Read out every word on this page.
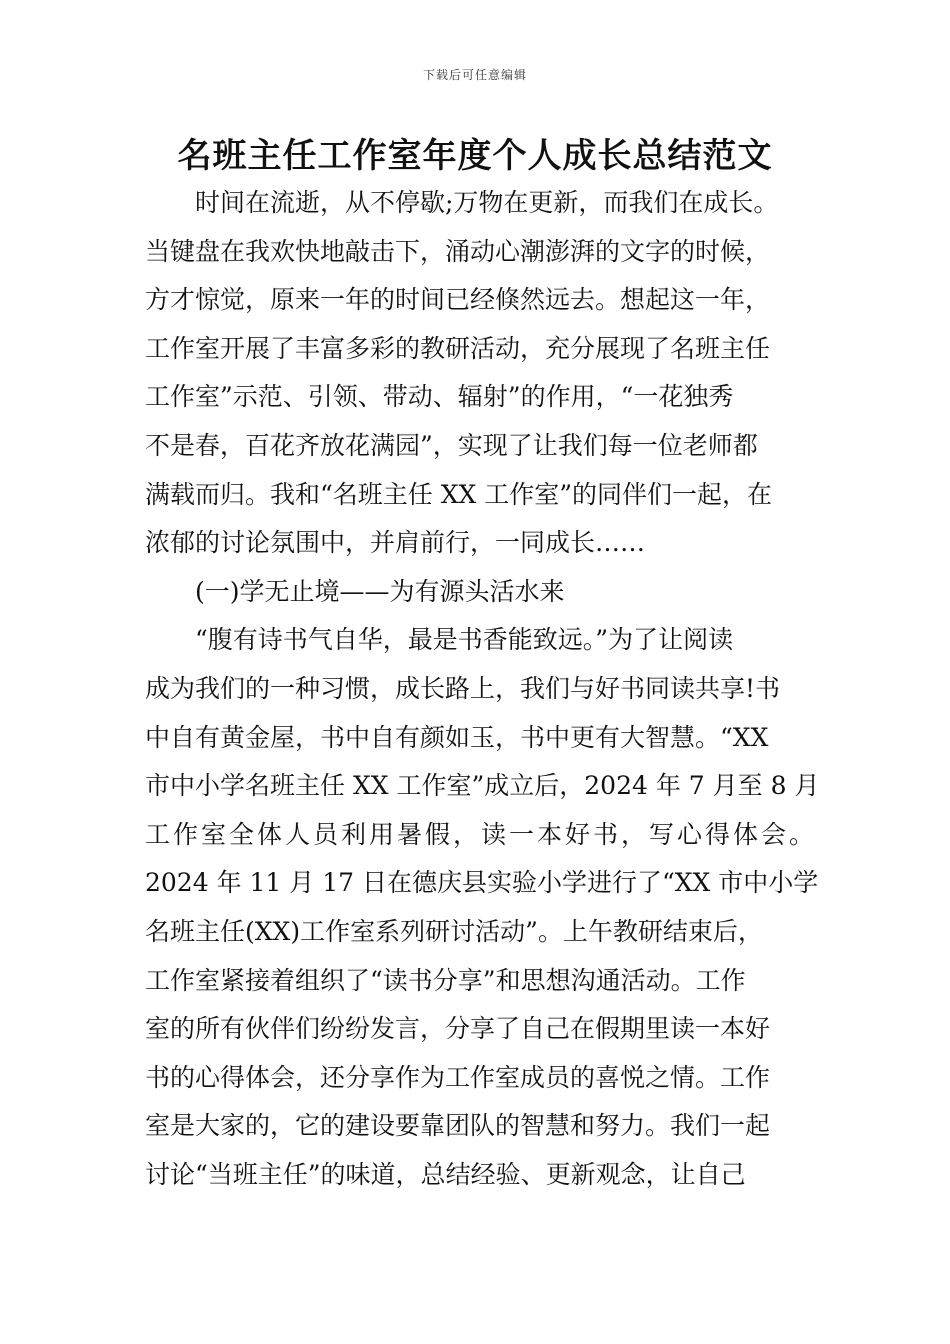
下载后可任意编辑
名班主任工作室年度个人成长总结范文
时间在流逝，从不停歇;万物在更新，而我们在成长。
当键盘在我欢快地敲击下，涌动心潮澎湃的文字的时候，
方才惊觉，原来一年的时间已经倏然远去。想起这一年，
工作室开展了丰富多彩的教研活动，充分展现了名班主任
工作室”示范、引领、带动、辐射”的作用，“一花独秀
不是春，百花齐放花满园”，实现了让我们每一位老师都
满载而归。我和“名班主任 XX 工作室”的同伴们一起，在
浓郁的讨论氛围中，并肩前行，一同成长……
(一)学无止境——为有源头活水来
“腹有诗书气自华，最是书香能致远。”为了让阅读
成为我们的一种习惯，成长路上，我们与好书同读共享!书
中自有黄金屋，书中自有颜如玉，书中更有大智慧。“XX
市中小学名班主任 XX 工作室”成立后，2024 年 7 月至 8 月
工作室全体人员利用暑假，读一本好书，写心得体会。
2024 年 11 月 17 日在德庆县实验小学进行了“XX 市中小学
名班主任(XX)工作室系列研讨活动”。上午教研结束后，
工作室紧接着组织了“读书分享”和思想沟通活动。工作
室的所有伙伴们纷纷发言，分享了自己在假期里读一本好
书的心得体会，还分享作为工作室成员的喜悦之情。工作
室是大家的，它的建设要靠团队的智慧和努力。我们一起
讨论“当班主任”的味道，总结经验、更新观念，让自己
